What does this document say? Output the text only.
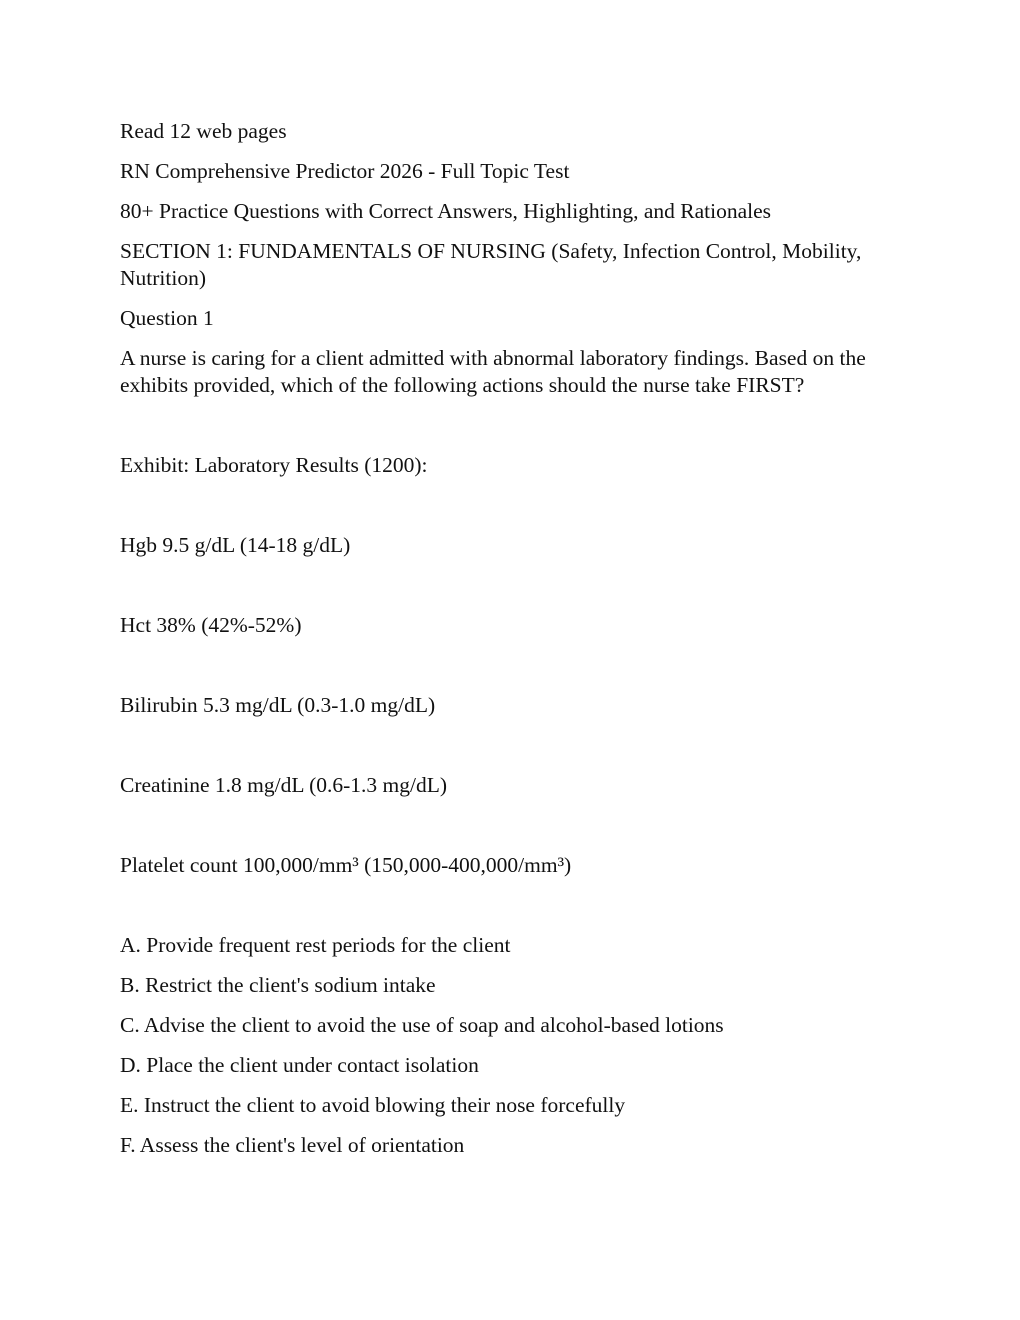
Read 12 web pages

RN Comprehensive Predictor 2026 - Full Topic Test

80+ Practice Questions with Correct Answers, Highlighting, and Rationales

SECTION 1: FUNDAMENTALS OF NURSING (Safety, Infection Control, Mobility, Nutrition)

Question 1

A nurse is caring for a client admitted with abnormal laboratory findings. Based on the exhibits provided, which of the following actions should the nurse take FIRST?

Exhibit: Laboratory Results (1200):

Hgb 9.5 g/dL (14-18 g/dL)

Hct 38% (42%-52%)

Bilirubin 5.3 mg/dL (0.3-1.0 mg/dL)

Creatinine 1.8 mg/dL (0.6-1.3 mg/dL)

Platelet count 100,000/mm³ (150,000-400,000/mm³)

A. Provide frequent rest periods for the client

B. Restrict the client's sodium intake

C. Advise the client to avoid the use of soap and alcohol-based lotions

D. Place the client under contact isolation

E. Instruct the client to avoid blowing their nose forcefully

F. Assess the client's level of orientation
